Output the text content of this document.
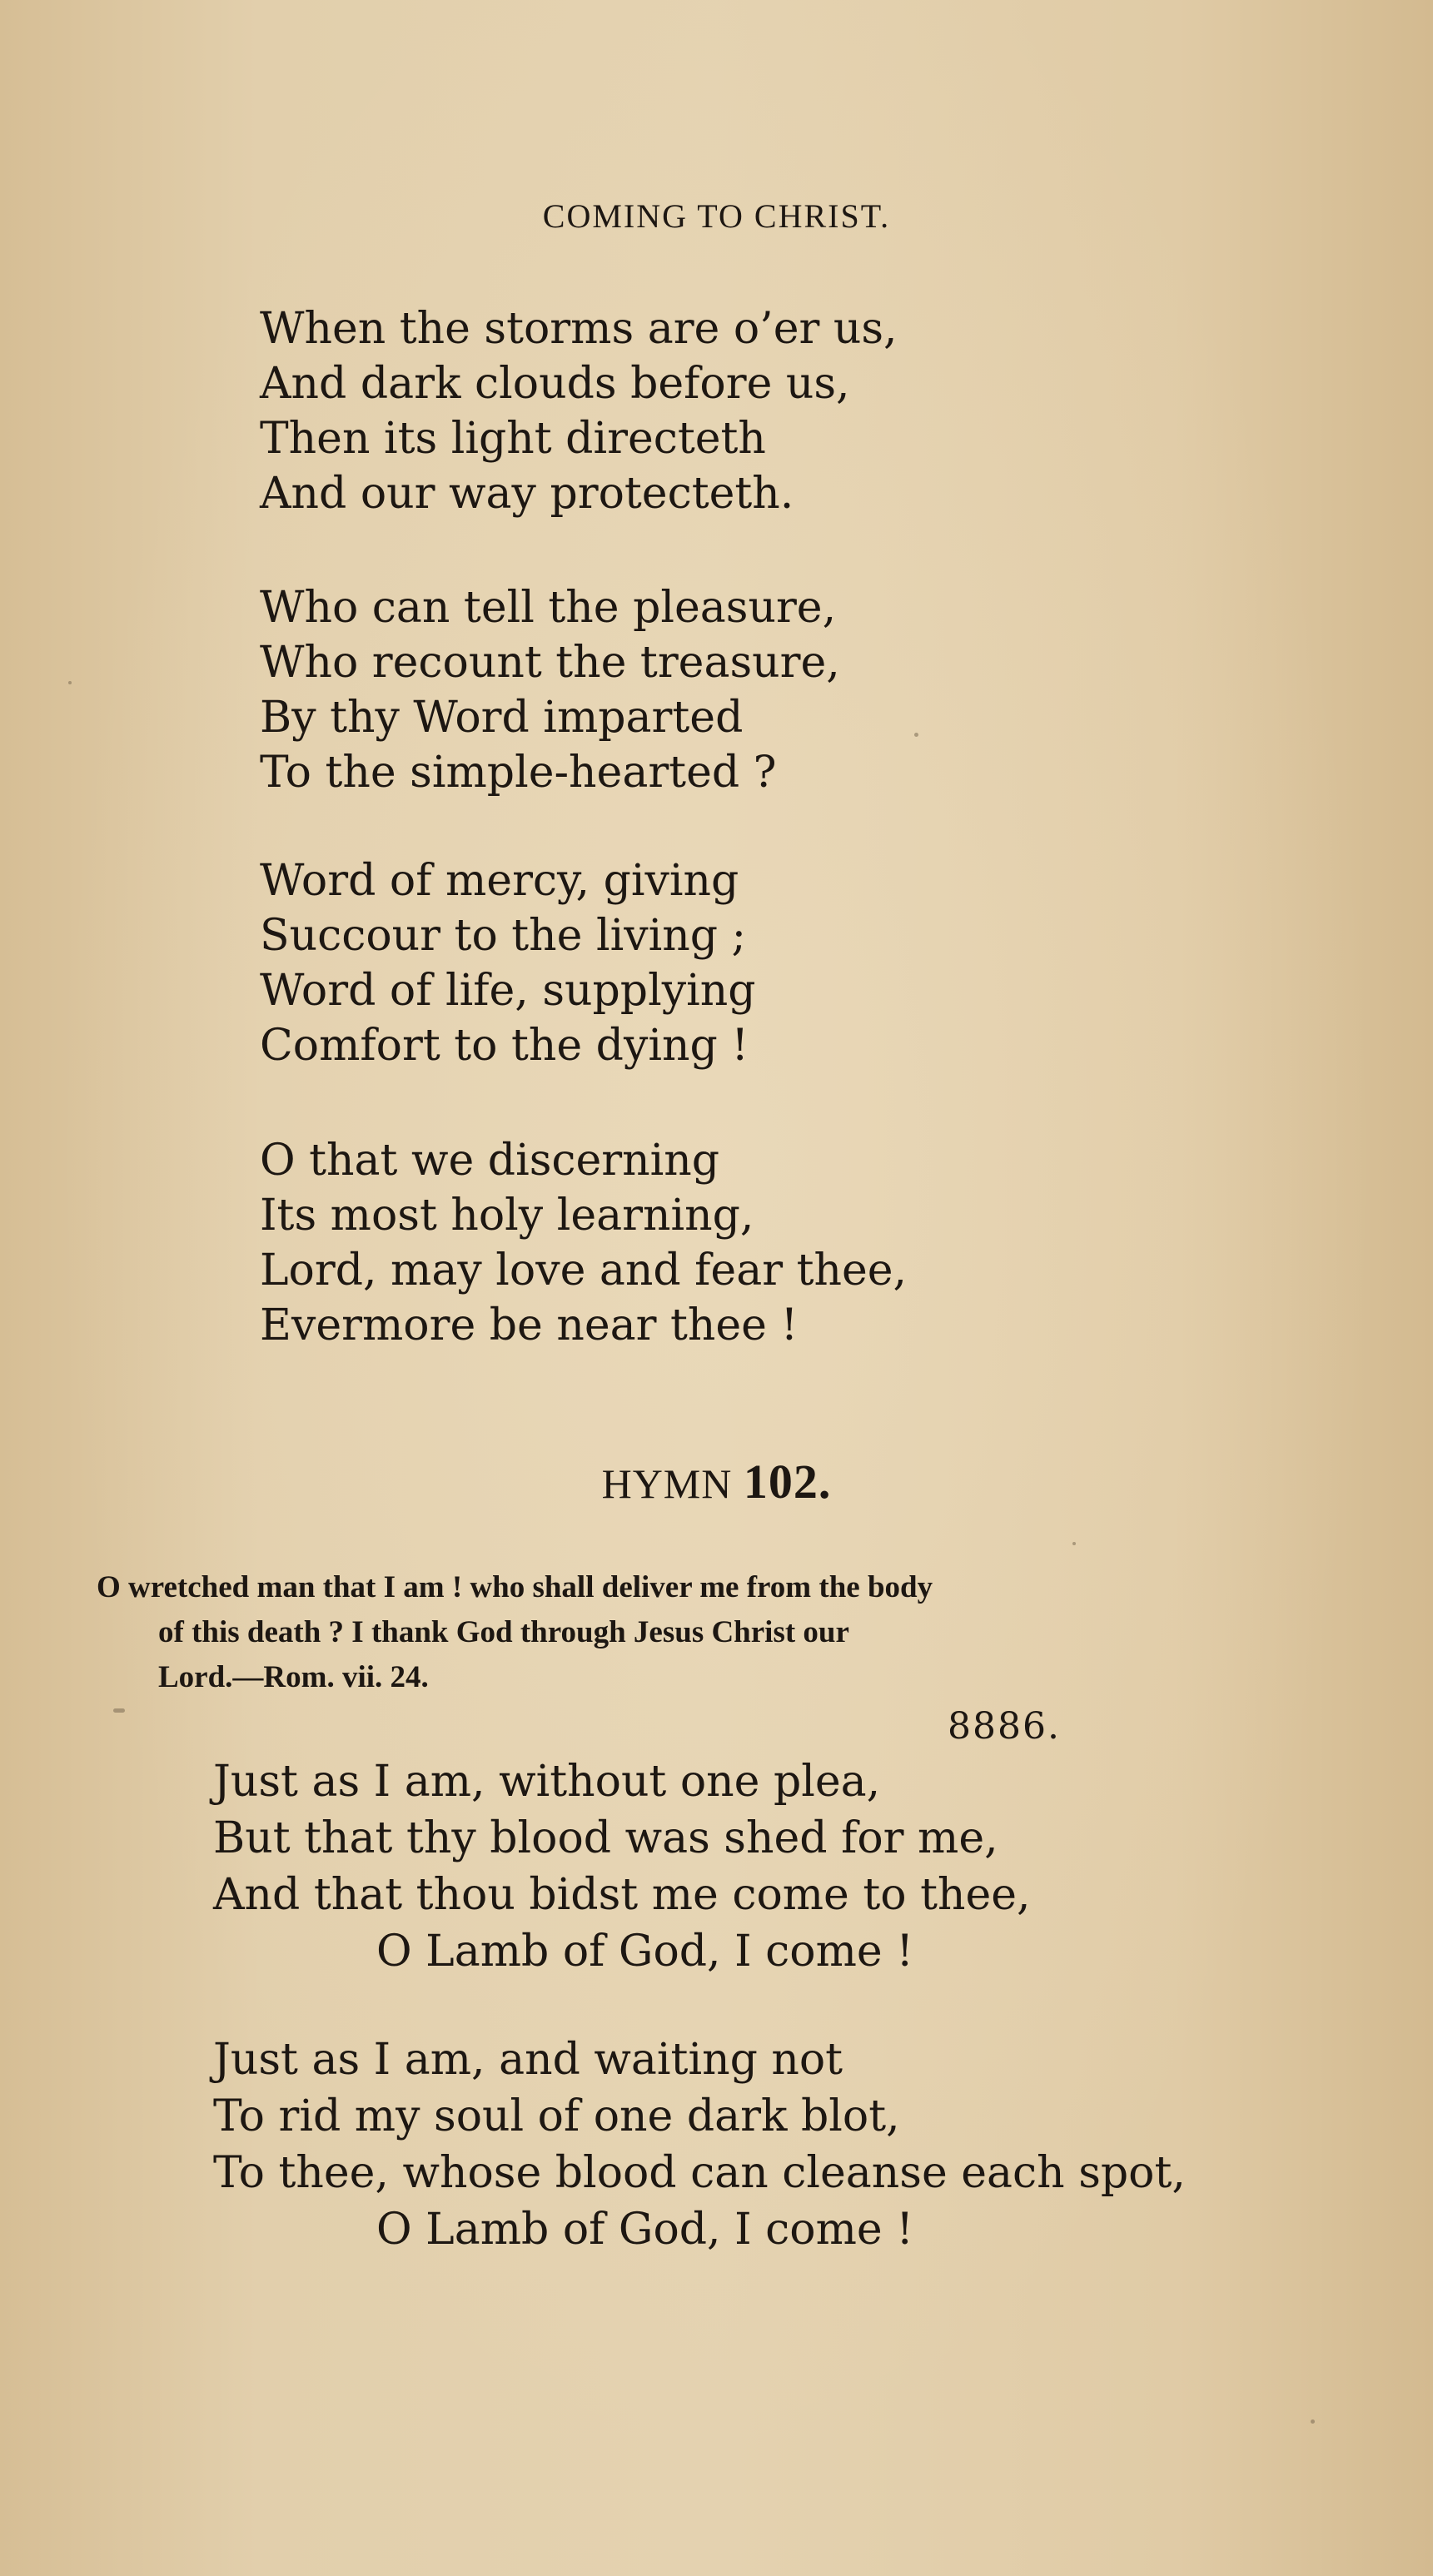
COMING TO CHRIST.
When the storms are o’er us,
And dark clouds before us,
Then its light directeth
And our way protecteth.
Who can tell the pleasure,
Who recount the treasure,
By thy Word imparted
To the simple-hearted ?
Word of mercy, giving
Succour to the living ;
Word of life, supplying
Comfort to the dying !
O that we discerning
Its most holy learning,
Lord, may love and fear thee,
Evermore be near thee !
HYMN 102.
O wretched man that I am ! who shall deliver me from the body
of this death ? I thank God through Jesus Christ our
Lord.—Rom. vii. 24.
8886.
Just as I am, without one plea,
But that thy blood was shed for me,
And that thou bidst me come to thee,
O Lamb of God, I come !
Just as I am, and waiting not
To rid my soul of one dark blot,
To thee, whose blood can cleanse each spot,
O Lamb of God, I come !
